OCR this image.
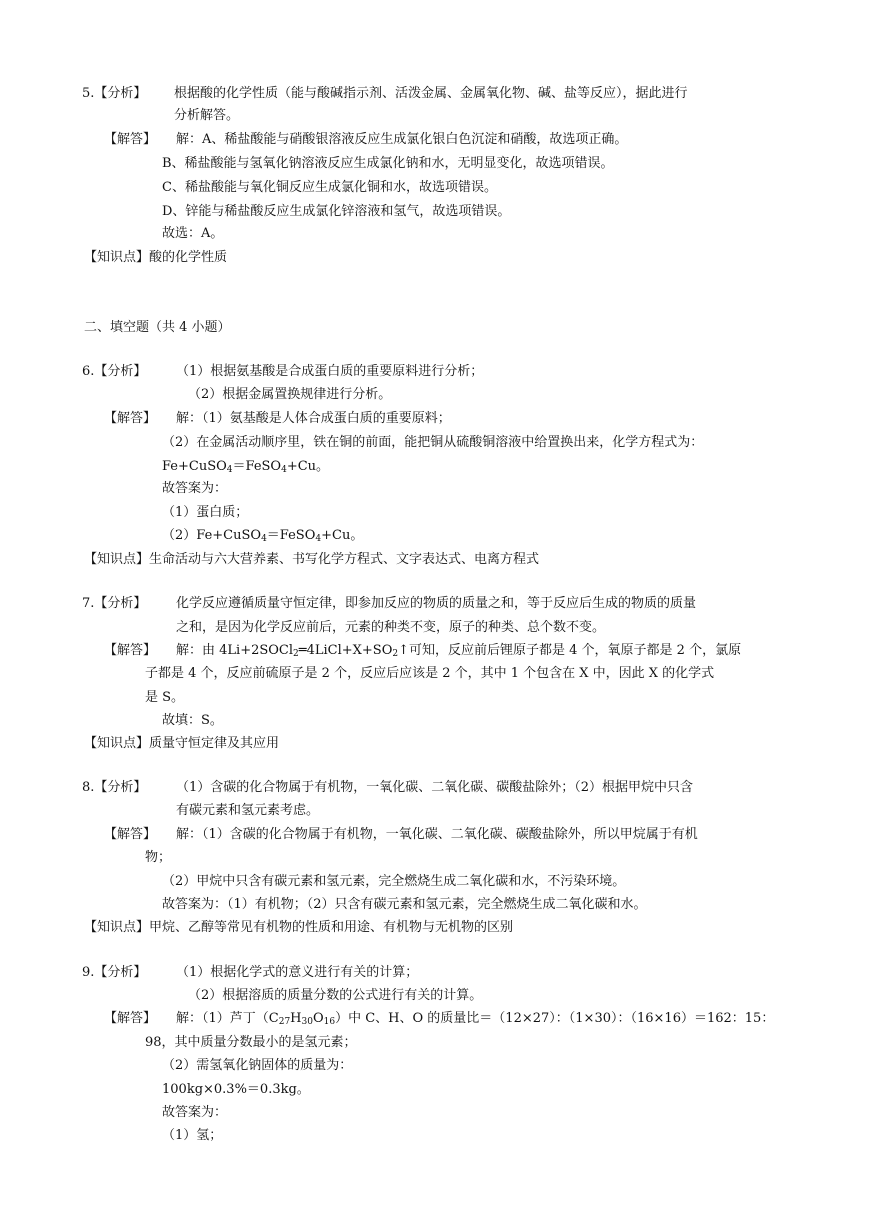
5.【分析】 根据酸的化学性质（能与酸碱指示剂、活泼金属、金属氧化物、碱、盐等反应），据此进行
分析解答。
【解答】 解：A、稀盐酸能与硝酸银溶液反应生成氯化银白色沉淀和硝酸，故选项正确。
B、稀盐酸能与氢氧化钠溶液反应生成氯化钠和水，无明显变化，故选项错误。
C、稀盐酸能与氧化铜反应生成氯化铜和水，故选项错误。
D、锌能与稀盐酸反应生成氯化锌溶液和氢气，故选项错误。
故选：A。
【知识点】酸的化学性质
二、填空题（共 4 小题）
6.【分析】 （1）根据氨基酸是合成蛋白质的重要原料进行分析；
（2）根据金属置换规律进行分析。
【解答】 解：（1）氨基酸是人体合成蛋白质的重要原料；
（2）在金属活动顺序里，铁在铜的前面，能把铜从硫酸铜溶液中给置换出来，化学方程式为：
Fe+CuSO$_4$＝FeSO$_4$+Cu。
故答案为：
（1）蛋白质；
（2）Fe+CuSO$_4$＝FeSO$_4$+Cu。
【知识点】生命活动与六大营养素、书写化学方程式、文字表达式、电离方程式
7.【分析】 化学反应遵循质量守恒定律，即参加反应的物质的质量之和，等于反应后生成的物质的质量
之和，是因为化学反应前后，元素的种类不变，原子的种类、总个数不变。
【解答】 解：由 $4Li+2SOCl_2═4LiCl+X+SO_2↑$可知，反应前后锂原子都是 4 个，氧原子都是 2 个，氯原
子都是 4 个，反应前硫原子是 2 个，反应后应该是 2 个，其中 1 个包含在 X 中，因此 X 的化学式
是 S。
故填：S。
【知识点】质量守恒定律及其应用
8.【分析】 （1）含碳的化合物属于有机物，一氧化碳、二氧化碳、碳酸盐除外；（2）根据甲烷中只含
有碳元素和氢元素考虑。
【解答】 解：（1）含碳的化合物属于有机物，一氧化碳、二氧化碳、碳酸盐除外，所以甲烷属于有机
物；
（2）甲烷中只含有碳元素和氢元素，完全燃烧生成二氧化碳和水，不污染环境。
故答案为：（1）有机物；（2）只含有碳元素和氢元素，完全燃烧生成二氧化碳和水。
【知识点】甲烷、乙醇等常见有机物的性质和用途、有机物与无机物的区别
9.【分析】 （1）根据化学式的意义进行有关的计算；
（2）根据溶质的质量分数的公式进行有关的计算。
【解答】 解：（1）芦丁$(C_{27}H_{30}O_{16})$中 C、H、O 的质量比＝（12×27）：（1×30）：（16×16）＝162：15：
98，其中质量分数最小的是氢元素；
（2）需氢氧化钠固体的质量为：
100kg×0.3%＝0.3kg。
故答案为：
（1）氢；
